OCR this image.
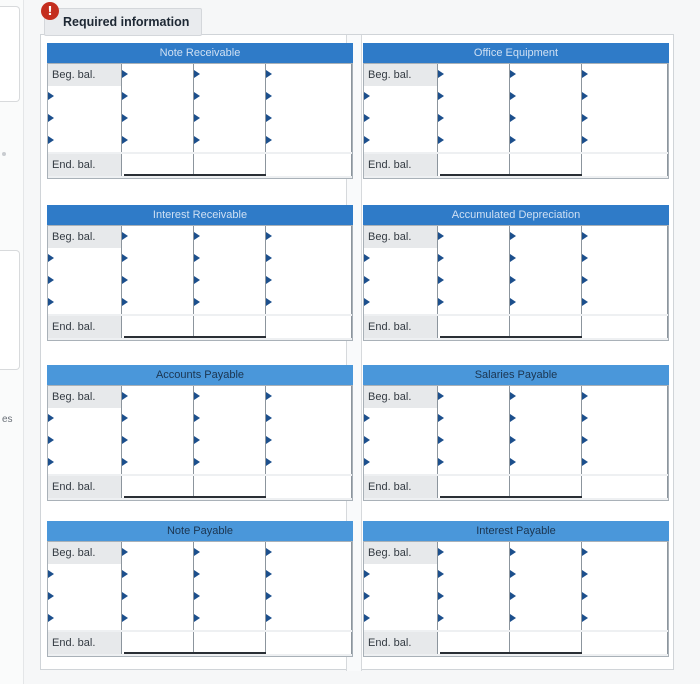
es
Note Receivable
Beg. bal.
End. bal.
Office Equipment
Beg. bal.
End. bal.
Interest Receivable
Beg. bal.
End. bal.
Accumulated Depreciation
Beg. bal.
End. bal.
Accounts Payable
Beg. bal.
End. bal.
Salaries Payable
Beg. bal.
End. bal.
Note Payable
Beg. bal.
End. bal.
Interest Payable
Beg. bal.
End. bal.
!
Required information
